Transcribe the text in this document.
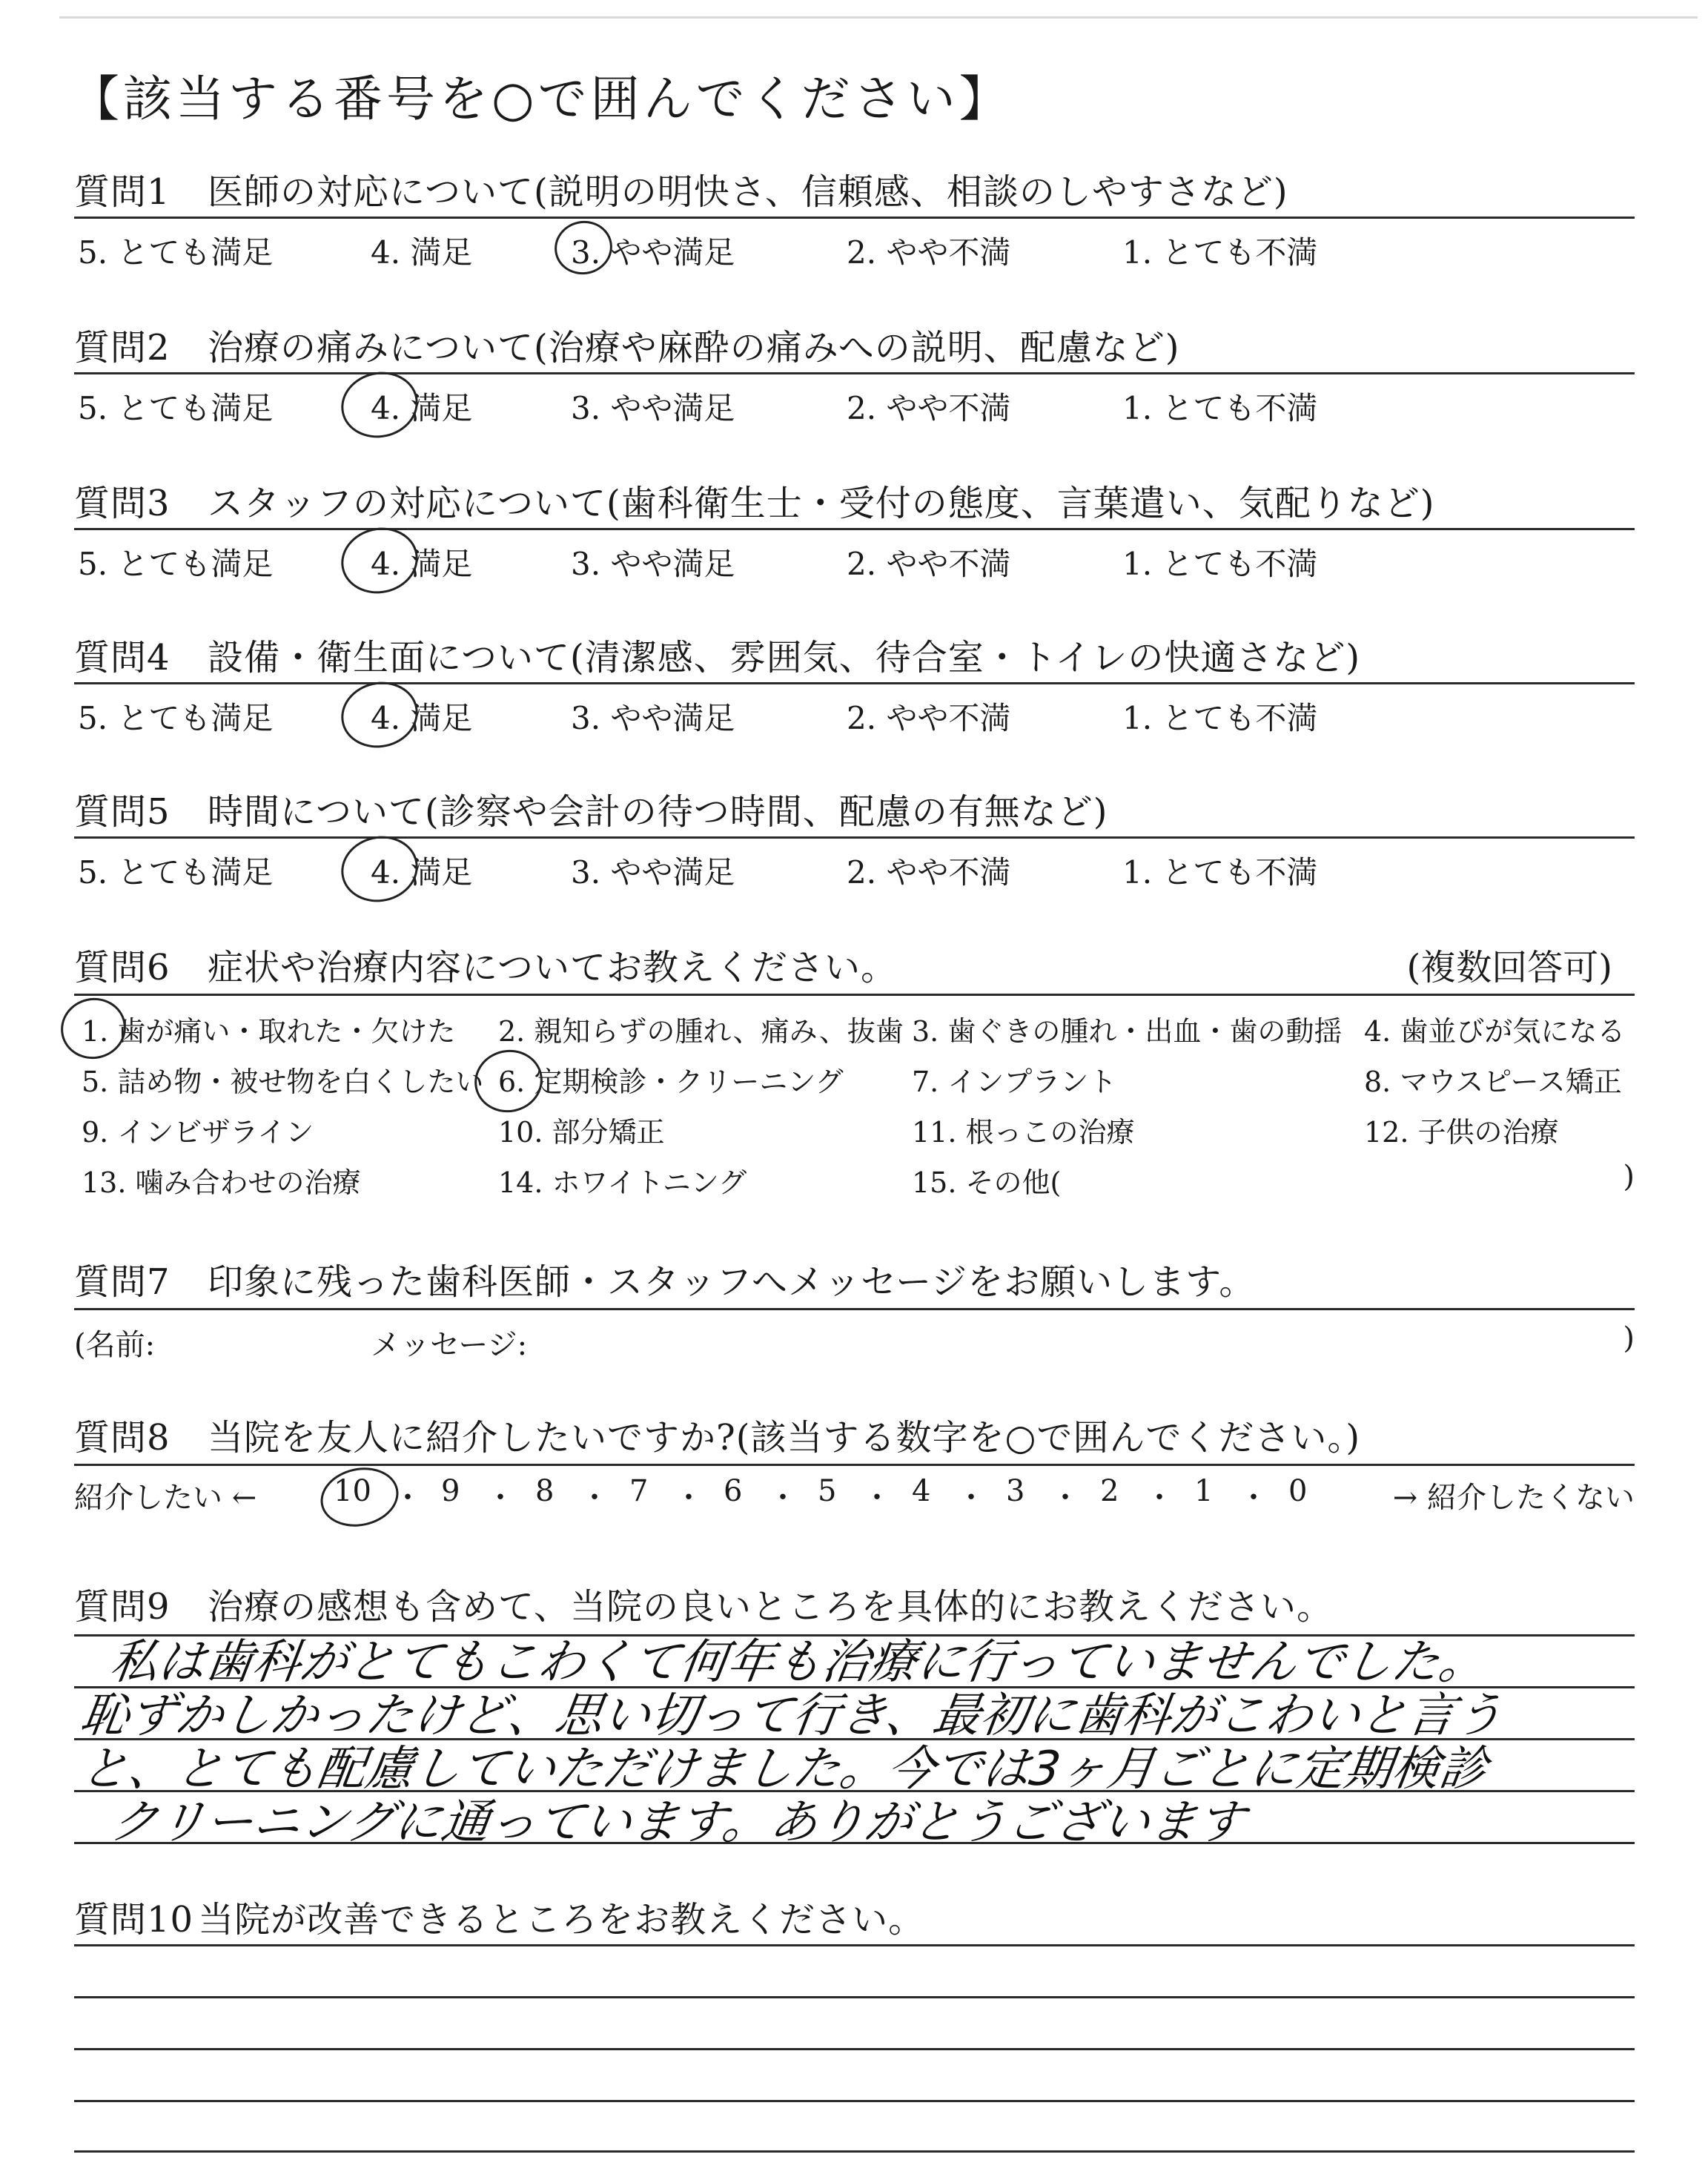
【該当する番号を○で囲んでください】
質問1 医師の対応について(説明の明快さ、信頼感、相談のしやすさなど)
5. とても満足	4. 満足	3. やや満足	2. やや不満	1. とても不満
質問2 治療の痛みについて(治療や麻酔の痛みへの説明、配慮など)
5. とても満足	4. 満足	3. やや満足	2. やや不満	1. とても不満
質問3 スタッフの対応について(歯科衛生士・受付の態度、言葉遣い、気配りなど)
5. とても満足	4. 満足	3. やや満足	2. やや不満	1. とても不満
質問4 設備・衛生面について(清潔感、雰囲気、待合室・トイレの快適さなど)
5. とても満足	4. 満足	3. やや満足	2. やや不満	1. とても不満
質問5 時間について(診察や会計の待つ時間、配慮の有無など)
5. とても満足	4. 満足	3. やや満足	2. やや不満	1. とても不満
質問6 症状や治療内容についてお教えください。	(複数回答可)
1. 歯が痛い・取れた・欠けた 2. 親知らずの腫れ、痛み、抜歯 3. 歯ぐきの腫れ・出血・歯の動揺 4. 歯並びが気になる
5. 詰め物・被せ物を白くしたい 6. 定期検診・クリーニング 7. インプラント	8. マウスピース矯正
9. インビザライン	10. 部分矯正	11. 根っこの治療	12. 子供の治療
13. 噛み合わせの治療	14. ホワイトニング	15. その他(	)
質問7 印象に残った歯科医師・スタッフへメッセージをお願いします。
(名前:	メッセージ:	)
質問8 当院を友人に紹介したいですか?(該当する数字を○で囲んでください。)
紹介したい ←	10 ・ 9 ・ 8 ・ 7 ・ 6 ・ 5 ・ 4 ・ 3 ・ 2 ・ 1 ・ 0	→ 紹介したくない
質問9 治療の感想も含めて、当院の良いところを具体的にお教えください。
私は歯科がとてもこわくて何年も治療に行っていませんでした。
恥ずかしかったけど、思い切って行き、最初に歯科がこわいと言う
と、とても配慮していただけました。今では3ヶ月ごとに定期検診
クリーニングに通っています。ありがとうございます
質問10 当院が改善できるところをお教えください。
